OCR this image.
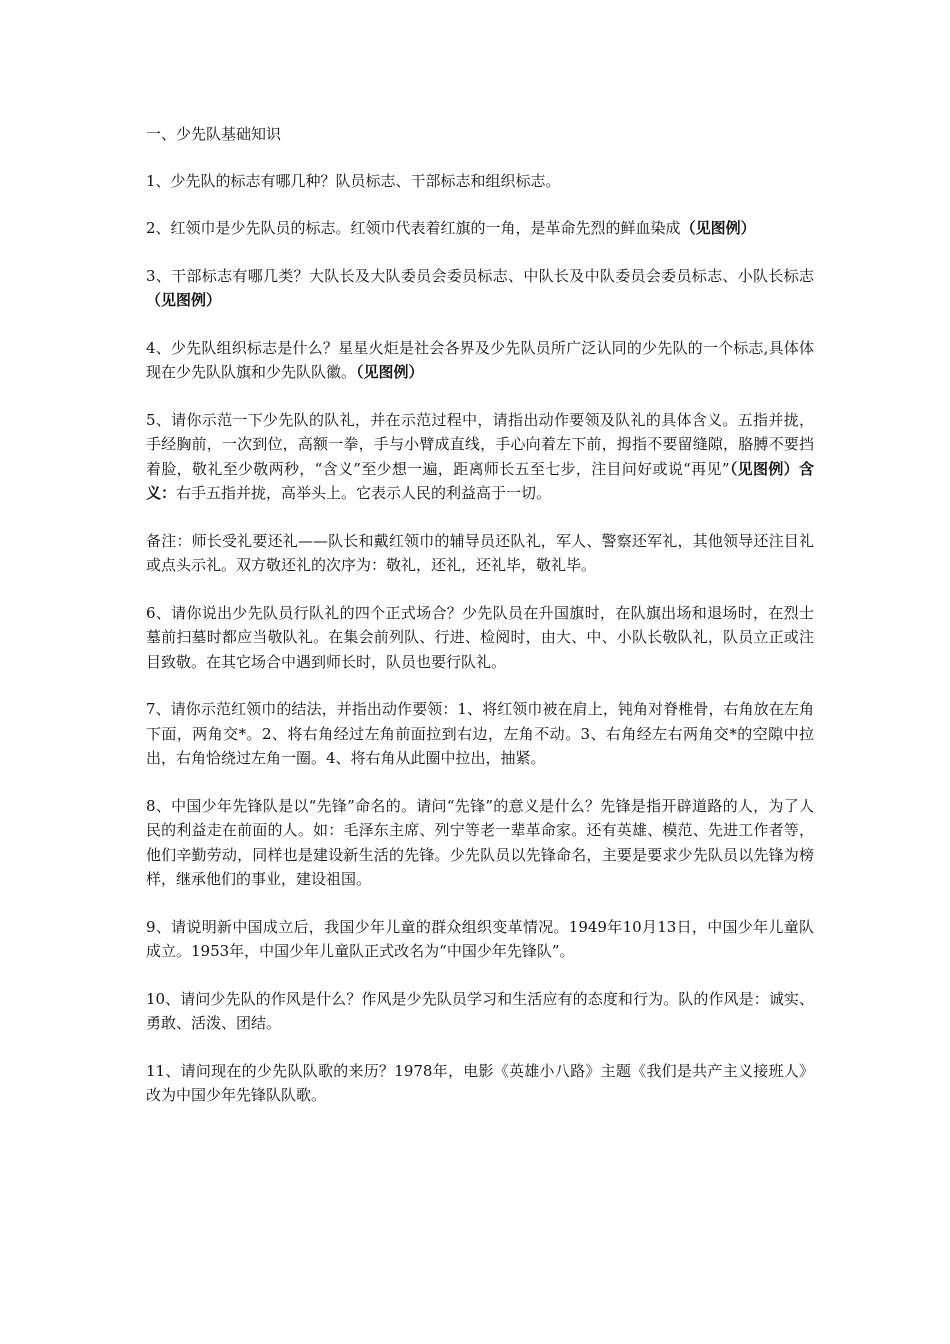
一、少先队基础知识

1、少先队的标志有哪几种？队员标志、干部标志和组织标志。

2、红领巾是少先队员的标志。红领巾代表着红旗的一角，是革命先烈的鲜血染成（见图例）

3、干部标志有哪几类？大队长及大队委员会委员标志、中队长及中队委员会委员标志、小队长标志（见图例）

4、少先队组织标志是什么？星星火炬是社会各界及少先队员所广泛认同的少先队的一个标志,具体体现在少先队队旗和少先队队徽。（见图例）

5、请你示范一下少先队的队礼，并在示范过程中，请指出动作要领及队礼的具体含义。五指并拢，手经胸前，一次到位，高额一拳，手与小臂成直线，手心向着左下前，拇指不要留缝隙，胳膊不要挡着脸，敬礼至少敬两秒，“含义”至少想一遍，距离师长五至七步，注目问好或说“再见”（见图例）含义：右手五指并拢，高举头上。它表示人民的利益高于一切。

备注：师长受礼要还礼——队长和戴红领巾的辅导员还队礼，军人、警察还军礼，其他领导还注目礼或点头示礼。双方敬还礼的次序为：敬礼，还礼，还礼毕，敬礼毕。

6、请你说出少先队员行队礼的四个正式场合？少先队员在升国旗时，在队旗出场和退场时，在烈士墓前扫墓时都应当敬队礼。在集会前列队、行进、检阅时，由大、中、小队长敬队礼，队员立正或注目致敬。在其它场合中遇到师长时，队员也要行队礼。

7、请你示范红领巾的结法，并指出动作要领：1、将红领巾被在肩上，钝角对脊椎骨，右角放在左角下面，两角交*。2、将右角经过左角前面拉到右边，左角不动。3、右角经左右两角交*的空隙中拉出，右角恰绕过左角一圈。4、将右角从此圈中拉出，抽紧。

8、中国少年先锋队是以“先锋”命名的。请问“先锋”的意义是什么？先锋是指开辟道路的人，为了人民的利益走在前面的人。如：毛泽东主席、列宁等老一辈革命家。还有英雄、模范、先进工作者等，他们辛勤劳动，同样也是建设新生活的先锋。少先队员以先锋命名，主要是要求少先队员以先锋为榜样，继承他们的事业，建设祖国。

9、请说明新中国成立后，我国少年儿童的群众组织变革情况。1949年10月13日，中国少年儿童队成立。1953年，中国少年儿童队正式改名为“中国少年先锋队”。

10、请问少先队的作风是什么？作风是少先队员学习和生活应有的态度和行为。队的作风是：诚实、勇敢、活泼、团结。

11、请问现在的少先队队歌的来历？1978年，电影《英雄小八路》主题《我们是共产主义接班人》改为中国少年先锋队队歌。
